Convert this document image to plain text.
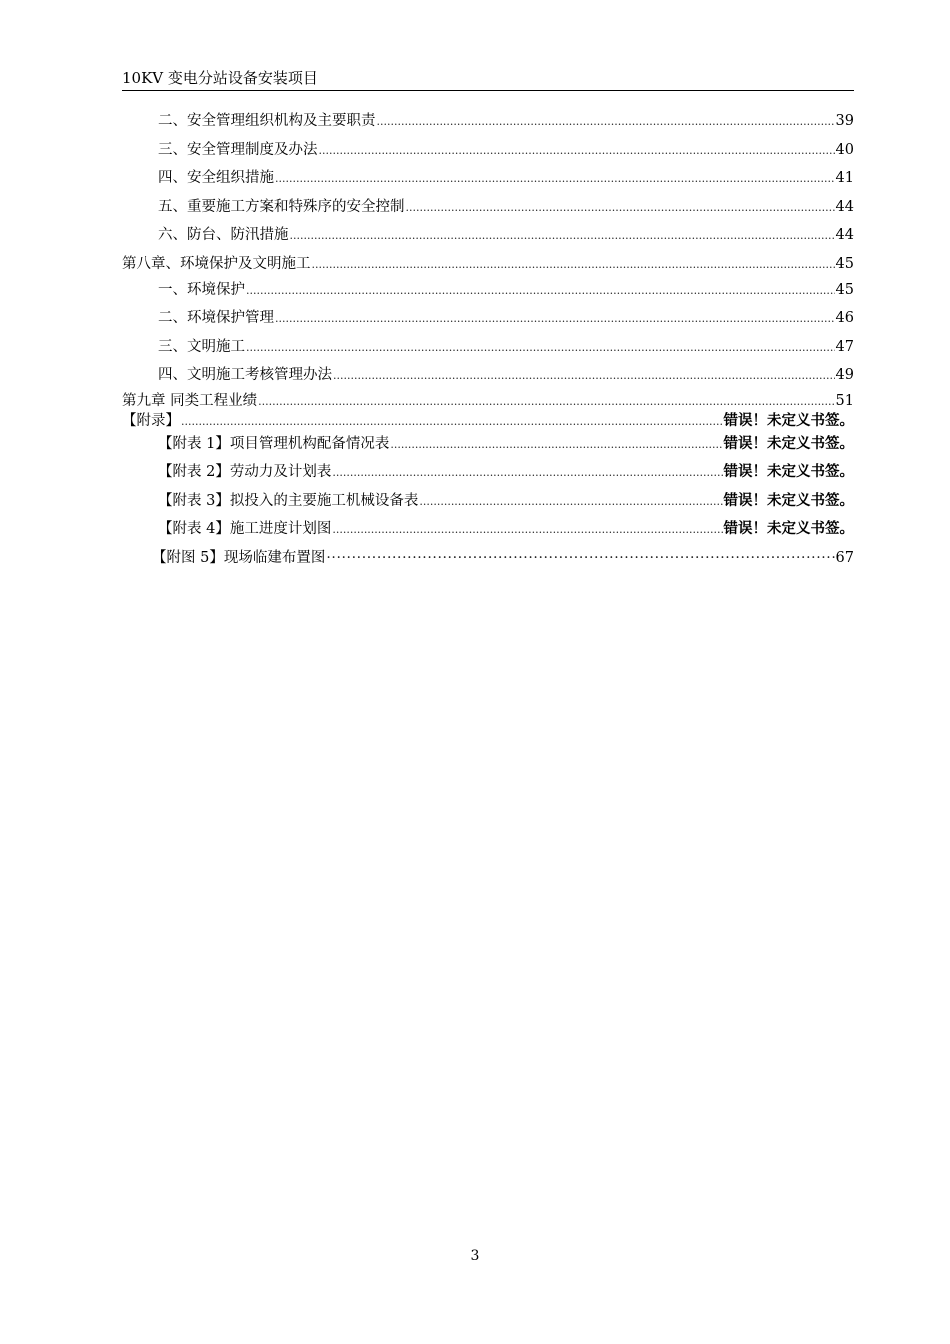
10KV 变电分站设备安装项目
二、安全管理组织机构及主要职责 .....	39
三、安全管理制度及办法 .....	40
四、安全组织措施 .....	41
五、重要施工方案和特殊序的安全控制 .....	44
六、防台、防汛措施 .....	44
第八章、环境保护及文明施工 .....	45
一、环境保护 .....	45
二、环境保护管理 .....	46
三、文明施工 .....	47
四、文明施工考核管理办法 .....	49
第九章 同类工程业绩 .....	51
【附录】 .....	错误！未定义书签。
【附表 1】项目管理机构配备情况表 .....	错误！未定义书签。
【附表 2】劳动力及计划表 .....	错误！未定义书签。
【附表 3】拟投入的主要施工机械设备表 .....	错误！未定义书签。
【附表 4】施工进度计划图 .....	错误！未定义书签。
【附图 5】现场临建布置图 ·····	67
3
